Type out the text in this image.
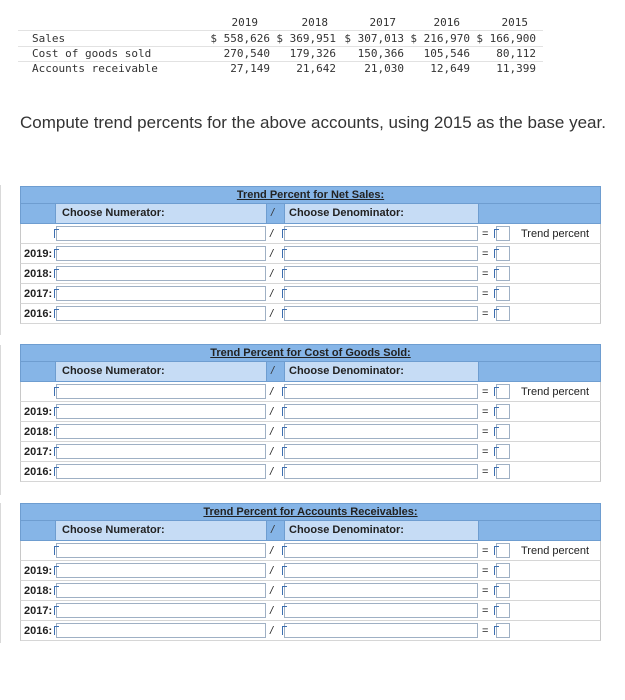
2019	2018	2017	2016	2015
Sales	$ 558,626 $ 369,951 $ 307,013 $ 216,970 $ 166,900
Cost of goods sold	270,540	179,326	150,366	105,546	80,112
Accounts receivable	27,149	21,642	21,030	12,649	11,399
Compute trend percents for the above accounts, using 2015 as the base year.
Trend Percent for Net Sales:
Choose Numerator:	/ Choose Denominator:
/	=	Trend percent
2019:	/	=
2018:	/	=
2017:	/	=
2016:	/	=
Trend Percent for Cost of Goods Sold:
Choose Numerator:	/ Choose Denominator:
/	=	Trend percent
2019:	/	=
2018:	/	=
2017:	/	=
2016:	/	=
Trend Percent for Accounts Receivables:
Choose Numerator:	/ Choose Denominator:
/	=	Trend percent
2019:	/	=
2018:	/	=
2017:	/	=
2016:	/	=
